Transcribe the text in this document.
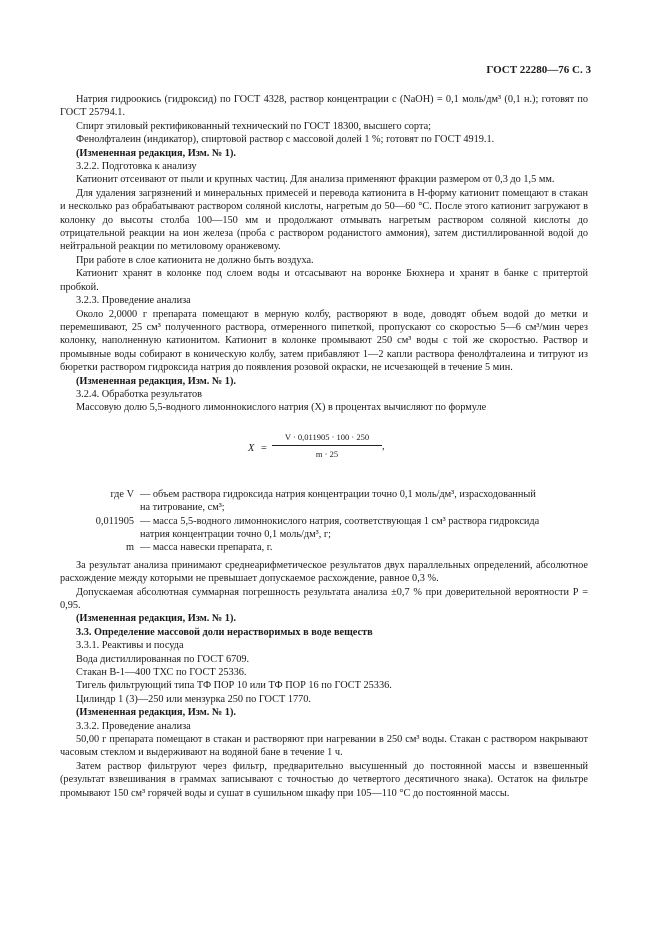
ГОСТ 22280—76 С. 3

Натрия гидроокись (гидроксид) по ГОСТ 4328, раствор концентрации с (NaOH) = 0,1 моль/дм³ (0,1 н.); готовят по ГОСТ 25794.1.

Спирт этиловый ректификованный технический по ГОСТ 18300, высшего сорта;

Фенолфталеин (индикатор), спиртовой раствор с массовой долей 1 %; готовят по ГОСТ 4919.1.

(Измененная редакция, Изм. № 1).

3.2.2. Подготовка к анализу

Катионит отсеивают от пыли и крупных частиц. Для анализа применяют фракции размером от 0,3 до 1,5 мм.

Для удаления загрязнений и минеральных примесей и перевода катионита в Н-форму катионит помещают в стакан и несколько раз обрабатывают раствором соляной кислоты, нагретым до 50—60 °С. После этого катионит загружают в колонку до высоты столба 100—150 мм и продолжают отмывать нагретым раствором соляной кислоты до отрицательной реакции на ион железа (проба с раствором роданистого аммония), затем дистиллированной водой до нейтральной реакции по метиловому оранжевому.

При работе в слое катионита не должно быть воздуха.

Катионит хранят в колонке под слоем воды и отсасывают на воронке Бюхнера и хранят в банке с притертой пробкой.

3.2.3. Проведение анализа

Около 2,0000 г препарата помещают в мерную колбу, растворяют в воде, доводят объем водой до метки и перемешивают, 25 см³ полученного раствора, отмеренного пипеткой, пропускают со скоростью 5—6 см³/мин через колонку, наполненную катионитом. Катионит в колонке промывают 250 см³ воды с той же скоростью. Раствор и промывные воды собирают в коническую колбу, затем прибавляют 1—2 капли раствора фенолфталеина и титруют из бюретки раствором гидроксида натрия до появления розовой окраски, не исчезающей в течение 5 мин.

(Измененная редакция, Изм. № 1).

3.2.4. Обработка результатов

Массовую долю 5,5-водного лимоннокислого натрия (X) в процентах вычисляют по формуле

X =
V · 0,011905 · 100 · 250
m · 25
,
где V — объем раствора гидроксида натрия концентрации точно 0,1 моль/дм³, израсходованный
на титрование, см³;
0,011905 — масса 5,5-водного лимоннокислого натрия, соответствующая 1 см³ раствора гидроксида
натрия концентрации точно 0,1 моль/дм³, г;
m — масса навески препарата, г.

За результат анализа принимают среднеарифметическое результатов двух параллельных определений, абсолютное расхождение между которыми не превышает допускаемое расхождение, равное 0,3 %.

Допускаемая абсолютная суммарная погрешность результата анализа ±0,7 % при доверительной вероятности Р = 0,95.

(Измененная редакция, Изм. № 1).

3.3. Определение массовой доли нерастворимых в воде веществ

3.3.1. Реактивы и посуда

Вода дистиллированная по ГОСТ 6709.

Стакан В-1—400 ТХС по ГОСТ 25336.

Тигель фильтрующий типа ТФ ПОР 10 или ТФ ПОР 16 по ГОСТ 25336.

Цилиндр 1 (3)—250 или мензурка 250 по ГОСТ 1770.

(Измененная редакция, Изм. № 1).

3.3.2. Проведение анализа

50,00 г препарата помещают в стакан и растворяют при нагревании в 250 см³ воды. Стакан с раствором накрывают часовым стеклом и выдерживают на водяной бане в течение 1 ч.

Затем раствор фильтруют через фильтр, предварительно высушенный до постоянной массы и взвешенный (результат взвешивания в граммах записывают с точностью до четвертого десятичного знака). Остаток на фильтре промывают 150 см³ горячей воды и сушат в сушильном шкафу при 105—110 °С до постоянной массы.
